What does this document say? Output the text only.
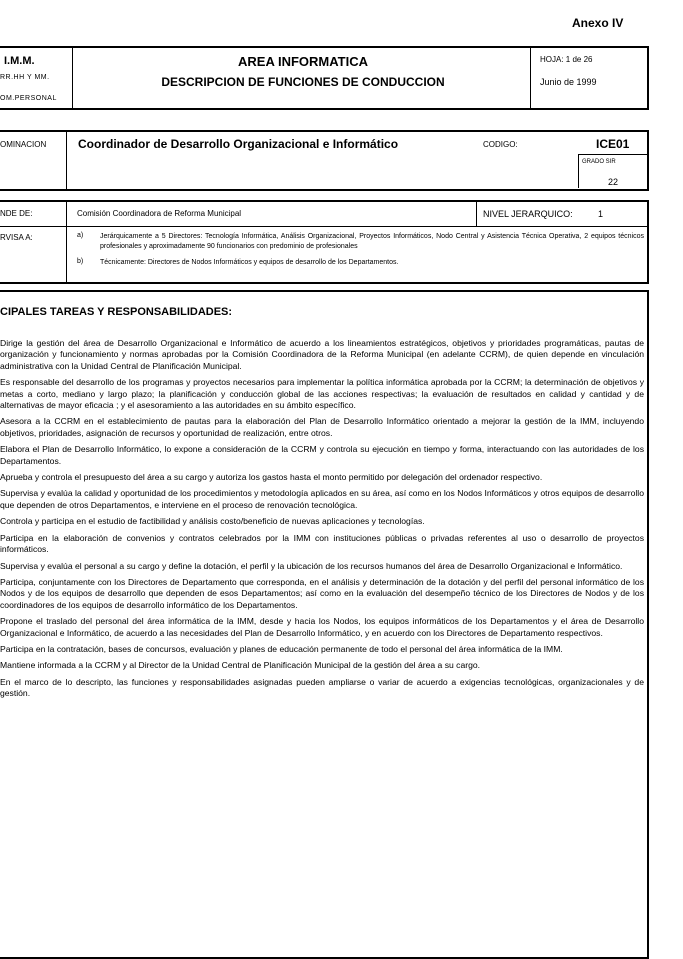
Anexo IV
I.M.M.
RR.HH Y MM.
OM.PERSONAL
AREA INFORMATICA
DESCRIPCION DE FUNCIONES DE CONDUCCION
HOJA: 1 de 26
Junio de 1999
OMINACION	Coordinador de Desarrollo Organizacional e Informático	CODIGO:	ICE01
GRADO SIR
22
NDE DE:	Comisión Coordinadora de Reforma Municipal	NIVEL JERARQUICO:	1
RVISA A:	a) Jerárquicamente a 5 Directores: Tecnología Informática, Análisis Organizacional, Proyectos Informáticos, Nodo Central y Asistencia Técnica Operativa, 2 equipos técnicos profesionales y aproximadamente 90 funcionarios con predominio de profesionales
b) Técnicamente: Directores de Nodos Informáticos y equipos de desarrollo de los Departamentos.
CIPALES TAREAS Y RESPONSABILIDADES:

Dirige la gestión del área de Desarrollo Organizacional e Informático de acuerdo a los lineamientos estratégicos, objetivos y prioridades programáticas, pautas de organización y funcionamiento y normas aprobadas por la Comisión Coordinadora de la Reforma Municipal (en adelante CCRM), de quien depende en vinculación administrativa con la Unidad Central de Planificación Municipal.

Es responsable del desarrollo de los programas y proyectos necesarios para implementar la política informática aprobada por la CCRM; la determinación de objetivos y metas a corto, mediano y largo plazo; la planificación y conducción global de las acciones respectivas; la evaluación de resultados en calidad y cantidad y de alternativas de mayor eficacia ; y el asesoramiento a las autoridades en su ámbito específico.

Asesora a la CCRM en el establecimiento de pautas para la elaboración del Plan de Desarrollo Informático orientado a mejorar la gestión de la IMM, incluyendo objetivos, prioridades, asignación de recursos y oportunidad de realización, entre otros.

Elabora el Plan de Desarrollo Informático, lo expone a consideración de la CCRM y controla su ejecución en tiempo y forma, interactuando con las autoridades de los Departamentos.

Aprueba y controla el presupuesto del área a su cargo y autoriza los gastos hasta el monto permitido por delegación del ordenador respectivo.

Supervisa y evalúa la calidad y oportunidad de los procedimientos y metodología aplicados en su área, así como en los Nodos Informáticos y otros equipos de desarrollo que dependen de otros Departamentos, e interviene en el proceso de renovación tecnológica.

Controla y participa en el estudio de factibilidad y análisis costo/beneficio de nuevas aplicaciones y tecnologías.

Participa en la elaboración de convenios y contratos celebrados por la IMM con instituciones públicas o privadas referentes al uso o desarrollo de proyectos informáticos.

Supervisa y evalúa el personal a su cargo y define la dotación, el perfil y la ubicación de los recursos humanos del área de Desarrollo Organizacional e Informático.

Participa, conjuntamente con los Directores de Departamento que corresponda, en el análisis y determinación de la dotación y del perfil del personal informático de los Nodos y de los equipos de desarrollo que dependen de esos Departamentos; así como en la evaluación del desempeño técnico de los Directores de Nodos y de los coordinadores de los equipos de desarrollo informático de los Departamentos.

Propone el traslado del personal del área informática de la IMM, desde y hacia los Nodos, los equipos informáticos de los Departamentos y el área de Desarrollo Organizacional e Informático, de acuerdo a las necesidades del Plan de Desarrollo Informático, y en acuerdo con los Directores de Departamento respectivos.

Participa en la contratación, bases de concursos, evaluación y planes de educación permanente de todo el personal del área informática de la IMM.

Mantiene informada a la CCRM y al Director de la Unidad Central de Planificación Municipal de la gestión del área a su cargo.

En el marco de lo descripto, las funciones y responsabilidades asignadas pueden ampliarse o variar de acuerdo a exigencias tecnológicas, organizacionales y de gestión.
